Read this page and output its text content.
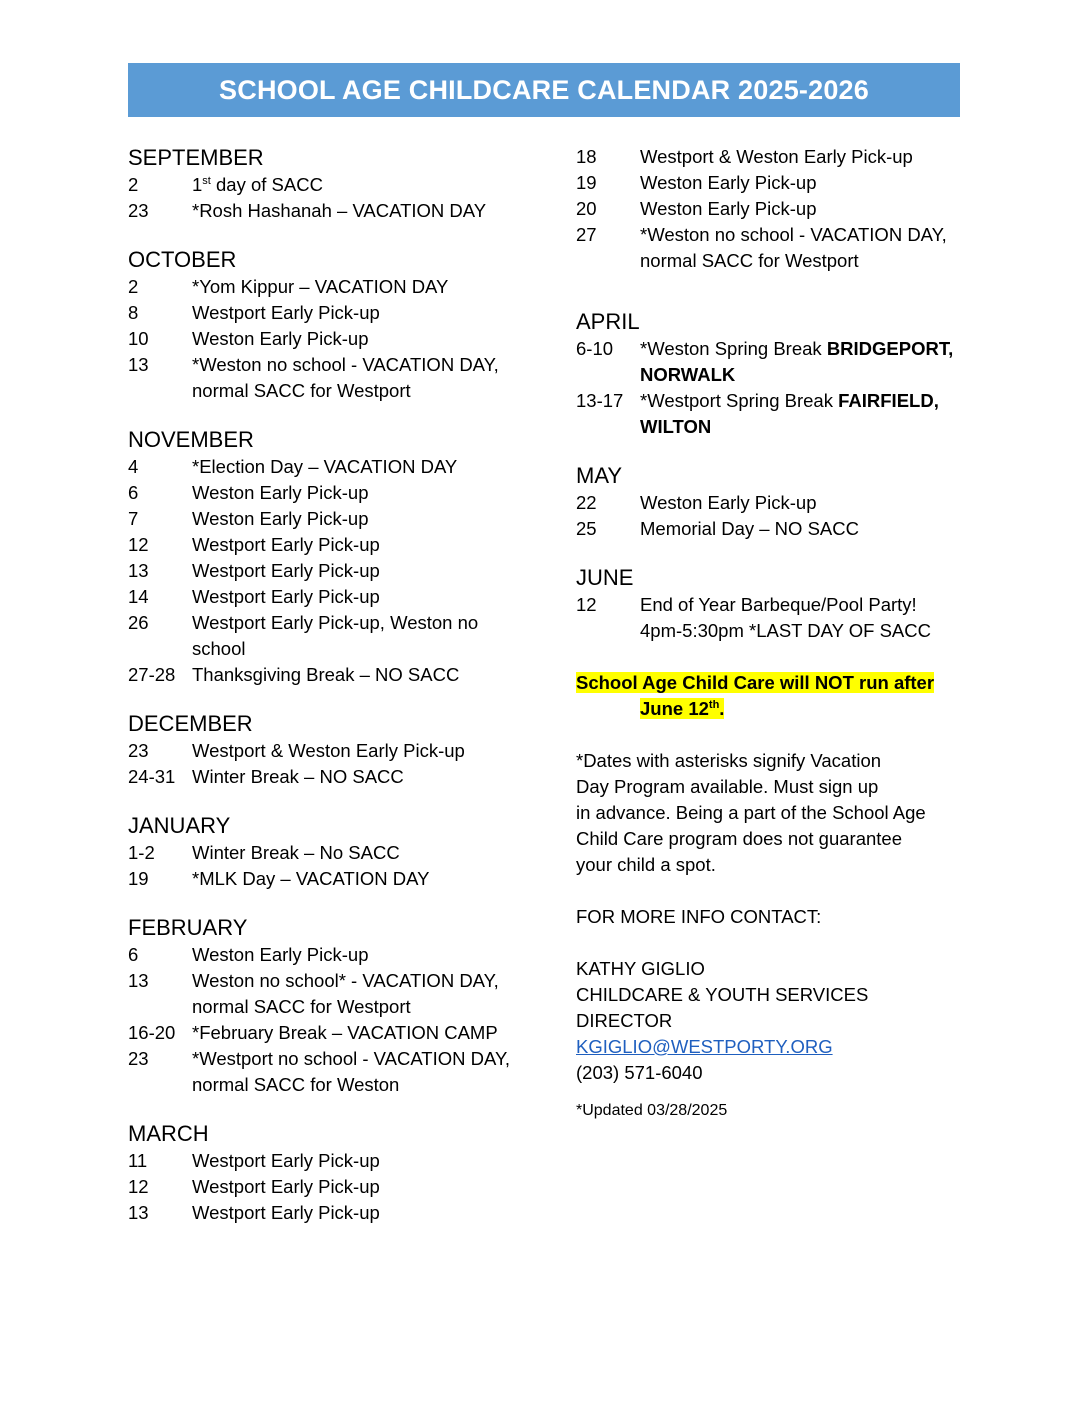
SCHOOL AGE CHILDCARE CALENDAR 2025-2026
SEPTEMBER
2	1st day of SACC
23	*Rosh Hashanah – VACATION DAY
OCTOBER
2	*Yom Kippur – VACATION DAY
8	Westport Early Pick-up
10	Weston Early Pick-up
13	*Weston no school - VACATION DAY, normal SACC for Westport
NOVEMBER
4	*Election Day – VACATION DAY
6	Weston Early Pick-up
7	Weston Early Pick-up
12	Westport Early Pick-up
13	Westport Early Pick-up
14	Westport Early Pick-up
26	Westport Early Pick-up, Weston no school
27-28 Thanksgiving Break – NO SACC
DECEMBER
23	Westport & Weston Early Pick-up
24-31 Winter Break – NO SACC
JANUARY
1-2	Winter Break – No SACC
19	*MLK Day – VACATION DAY
FEBRUARY
6	Weston Early Pick-up
13	Weston no school* - VACATION DAY, normal SACC for Westport
16-20 *February Break – VACATION CAMP
23	*Westport no school - VACATION DAY, normal SACC for Weston
MARCH
11	Westport Early Pick-up
12	Westport Early Pick-up
13	Westport Early Pick-up
18	Westport & Weston Early Pick-up
19	Weston Early Pick-up
20	Weston Early Pick-up
27	*Weston no school - VACATION DAY, normal SACC for Westport
APRIL
6-10	*Weston Spring Break BRIDGEPORT, NORWALK
13-17 *Westport Spring Break FAIRFIELD, WILTON
MAY
22	Weston Early Pick-up
25	Memorial Day – NO SACC
JUNE
12	End of Year Barbeque/Pool Party!
4pm-5:30pm *LAST DAY OF SACC
School Age Child Care will NOT run after
June 12th.
*Dates with asterisks signify Vacation
Day Program available. Must sign up
in advance. Being a part of the School Age
Child Care program does not guarantee
your child a spot.
FOR MORE INFO CONTACT:
KATHY GIGLIO
CHILDCARE & YOUTH SERVICES DIRECTOR
KGIGLIO@WESTPORTY.ORG
(203) 571-6040
*Updated 03/28/2025
